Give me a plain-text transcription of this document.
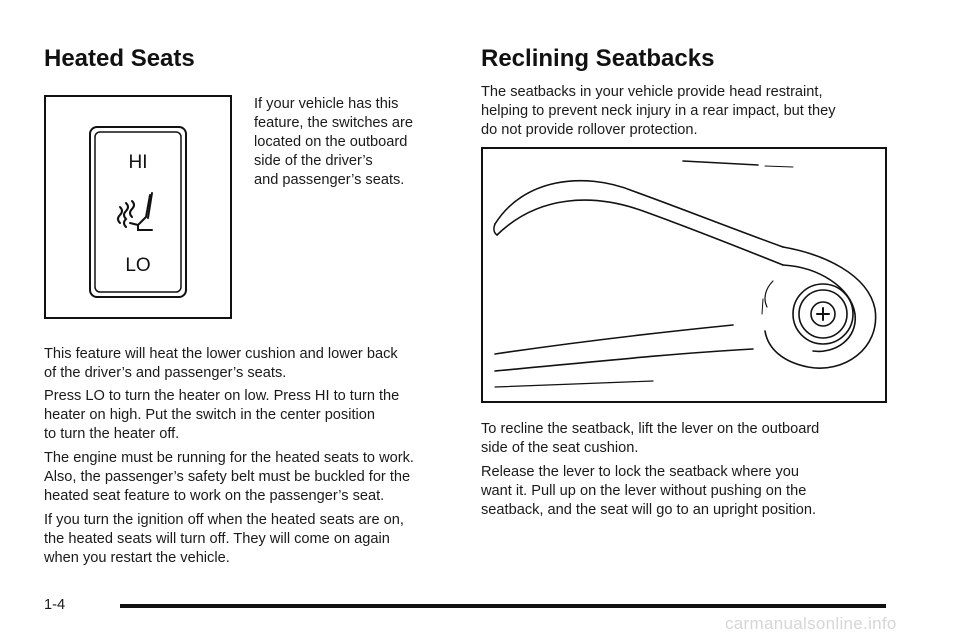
Heated Seats
HI
LO

If your vehicle has this
feature, the switches are
located on the outboard
side of the driver’s
and passenger’s seats.

This feature will heat the lower cushion and lower back
of the driver’s and passenger’s seats.

Press LO to turn the heater on low. Press HI to turn the
heater on high. Put the switch in the center position
to turn the heater off.

The engine must be running for the heated seats to work.
Also, the passenger’s safety belt must be buckled for the
heated seat feature to work on the passenger’s seat.

If you turn the ignition off when the heated seats are on,
the heated seats will turn off. They will come on again
when you restart the vehicle.

Reclining Seatbacks

The seatbacks in your vehicle provide head restraint,
helping to prevent neck injury in a rear impact, but they
do not provide rollover protection.

To recline the seatback, lift the lever on the outboard
side of the seat cushion.

Release the lever to lock the seatback where you
want it. Pull up on the lever without pushing on the
seatback, and the seat will go to an upright position.

1-4
carmanualsonline.info
